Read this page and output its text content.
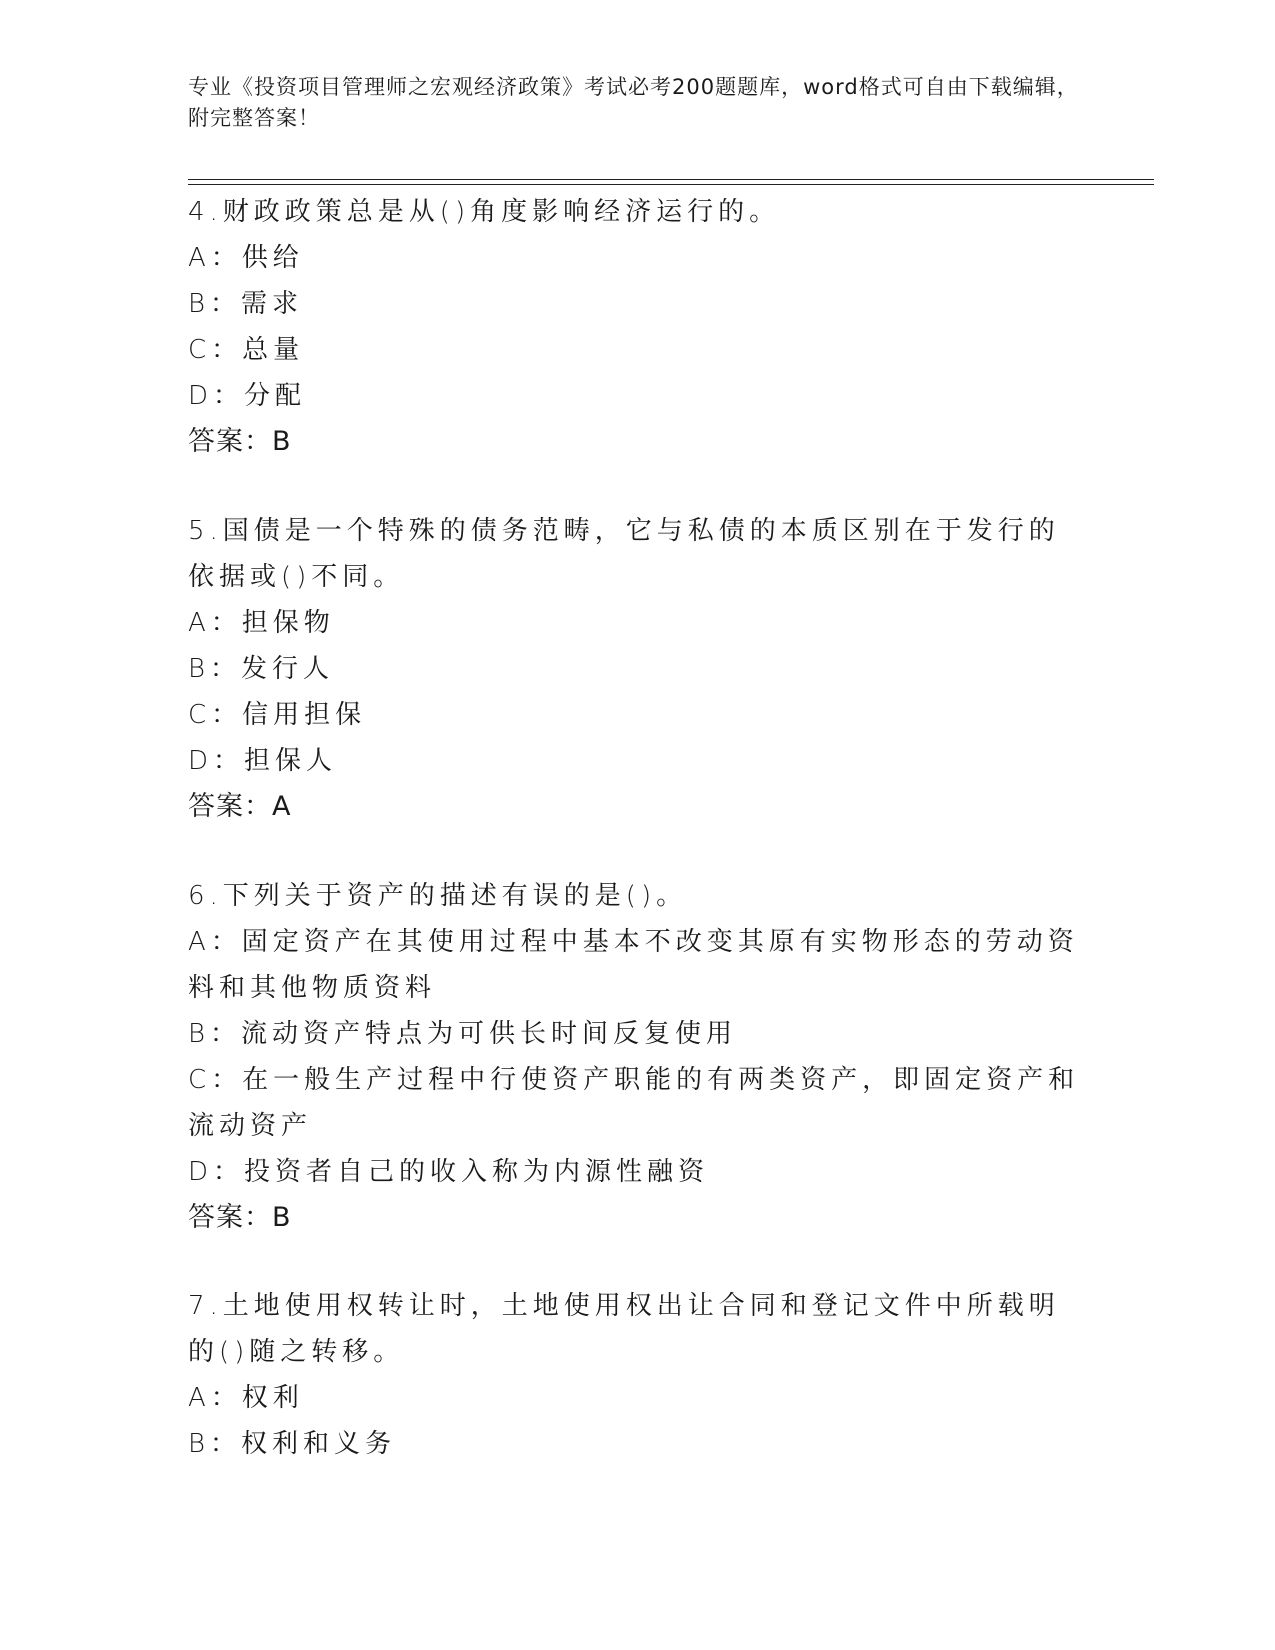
专业《投资项目管理师之宏观经济政策》考试必考200题题库，word格式可自由下载编辑，附完整答案！
4.财政政策总是从()角度影响经济运行的。
A：供给
B：需求
C：总量
D：分配
答案：B
5.国债是一个特殊的债务范畴，它与私债的本质区别在于发行的依据或()不同。
A：担保物
B：发行人
C：信用担保
D：担保人
答案：A
6.下列关于资产的描述有误的是()。
A：固定资产在其使用过程中基本不改变其原有实物形态的劳动资料和其他物质资料
B：流动资产特点为可供长时间反复使用
C：在一般生产过程中行使资产职能的有两类资产，即固定资产和流动资产
D：投资者自己的收入称为内源性融资
答案：B
7.土地使用权转让时，土地使用权出让合同和登记文件中所载明的()随之转移。
A：权利
B：权利和义务
